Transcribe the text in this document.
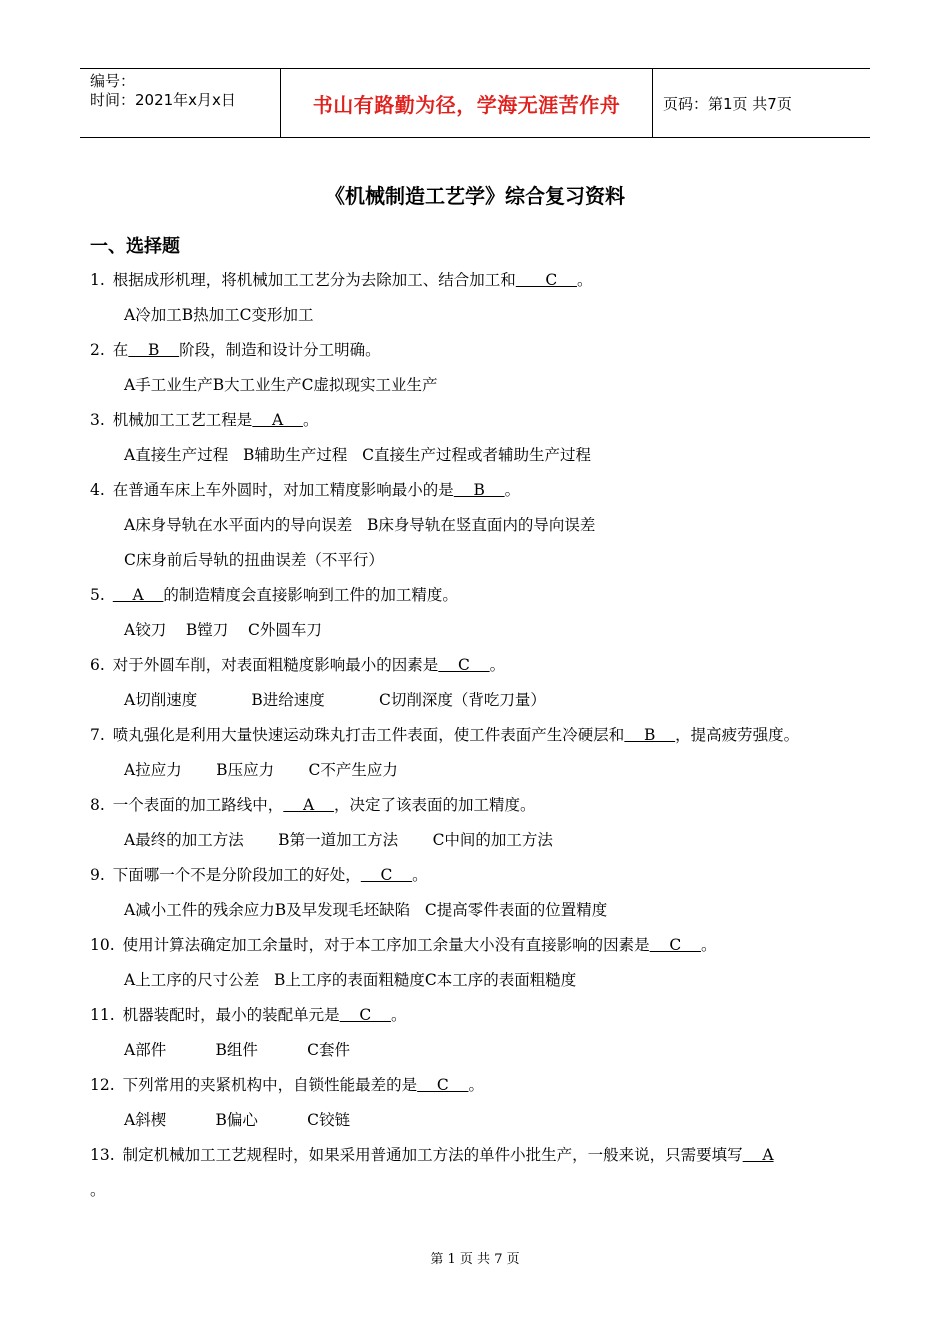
编号：
时间：2021年x月x日	书山有路勤为径，学海无涯苦作舟	页码：第1页 共7页
《机械制造工艺学》综合复习资料
一、选择题
1. 根据成形机理，将机械加工工艺分为去除加工、结合加工和      C    。
A冷加工B热加工C变形加工
2. 在    B    阶段，制造和设计分工明确。
A手工业生产B大工业生产C虚拟现实工业生产
3. 机械加工工艺工程是    A    。
A直接生产过程   B辅助生产过程   C直接生产过程或者辅助生产过程
4. 在普通车床上车外圆时，对加工精度影响最小的是    B    。
A床身导轨在水平面内的导向误差   B床身导轨在竖直面内的导向误差
C床身前后导轨的扭曲误差（不平行）
5.    A    的制造精度会直接影响到工件的加工精度。
A铰刀    B镗刀    C外圆车刀
6. 对于外圆车削，对表面粗糙度影响最小的因素是    C    。
A切削速度           B进给速度           C切削深度（背吃刀量）
7. 喷丸强化是利用大量快速运动珠丸打击工件表面，使工件表面产生冷硬层和    B    ，提高疲劳强度。
A拉应力       B压应力       C不产生应力
8. 一个表面的加工路线中，    A    ，决定了该表面的加工精度。
A最终的加工方法       B第一道加工方法       C中间的加工方法
9. 下面哪一个不是分阶段加工的好处，    C    。
A减小工件的残余应力B及早发现毛坯缺陷   C提高零件表面的位置精度
10. 使用计算法确定加工余量时，对于本工序加工余量大小没有直接影响的因素是    C    。
A上工序的尺寸公差   B上工序的表面粗糙度C本工序的表面粗糙度
11. 机器装配时，最小的装配单元是    C    。
A部件          B组件          C套件
12. 下列常用的夹紧机构中，自锁性能最差的是    C    。
A斜楔          B偏心          C铰链
13. 制定机械加工工艺规程时，如果采用普通加工方法的单件小批生产，一般来说，只需要填写    A
。
第 1 页 共 7 页
